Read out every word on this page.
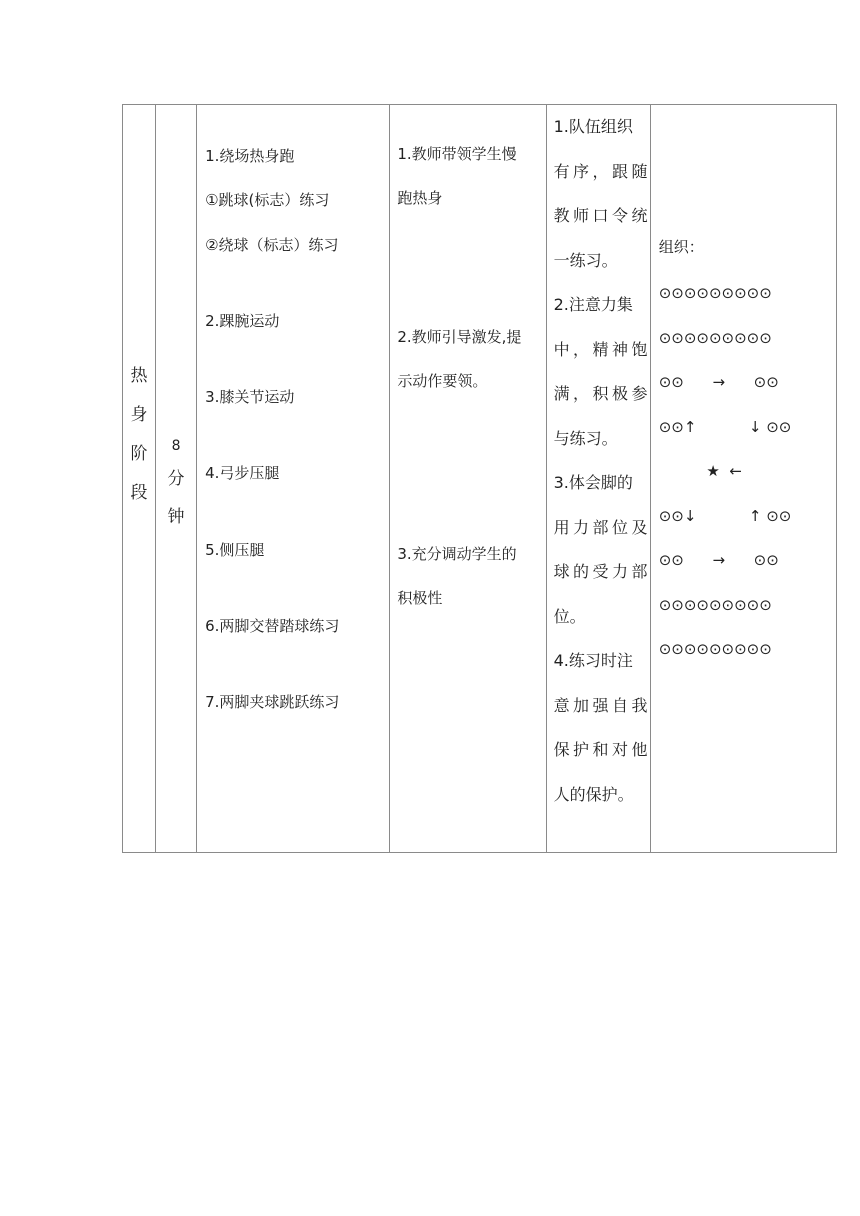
热
身
阶
段

8
分
钟

1.绕场热身跑
①跳球(标志）练习
②绕球（标志）练习
2.踝腕运动
3.膝关节运动
4.弓步压腿
5.侧压腿
6.两脚交替踏球练习
7.两脚夹球跳跃练习

1.教师带领学生慢
跑热身
2.教师引导激发,提
示动作要领。
3.充分调动学生的
积极性

1.队伍组织
有序，跟随
教师口令统
一练习。
2.注意力集
中，精神饱
满，积极参
与练习。
3.体会脚的
用力部位及
球的受力部
位。
4.练习时注
意加强自我
保护和对他
人的保护。

组织：
⊙⊙⊙⊙⊙⊙⊙⊙⊙
⊙⊙⊙⊙⊙⊙⊙⊙⊙
⊙⊙      →      ⊙⊙
⊙⊙↑           ↓ ⊙⊙
★  ←
⊙⊙↓           ↑ ⊙⊙
⊙⊙      →      ⊙⊙
⊙⊙⊙⊙⊙⊙⊙⊙⊙
⊙⊙⊙⊙⊙⊙⊙⊙⊙
